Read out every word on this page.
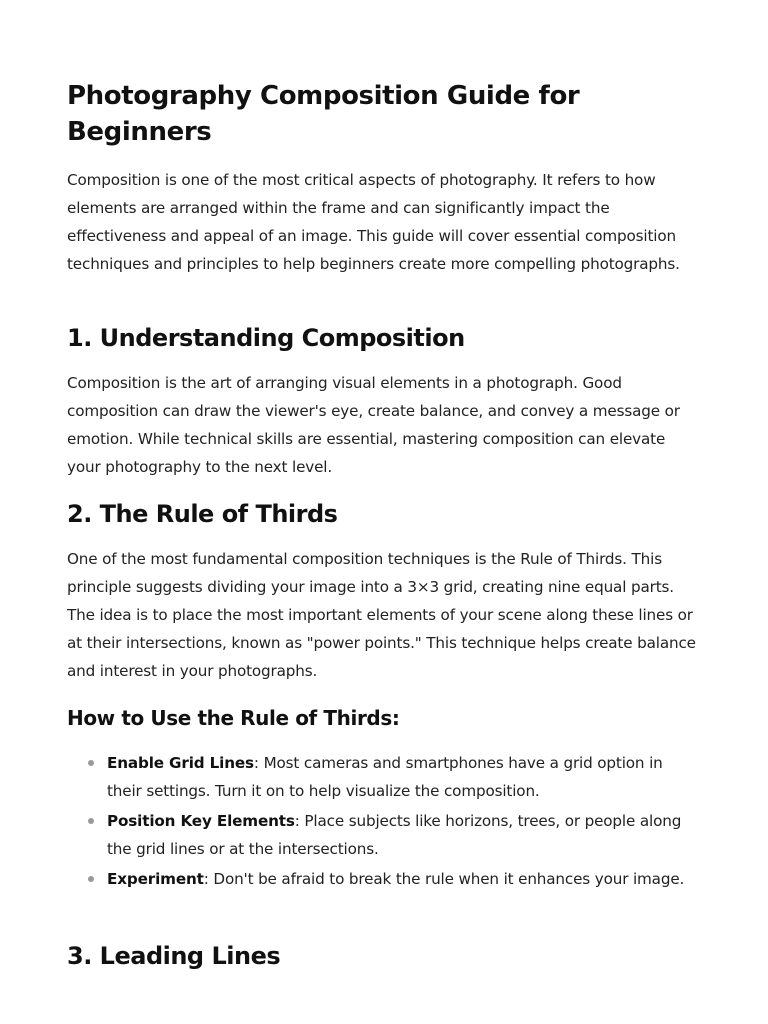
Photography Composition Guide for Beginners

Composition is one of the most critical aspects of photography. It refers to how elements are arranged within the frame and can significantly impact the effectiveness and appeal of an image. This guide will cover essential composition techniques and principles to help beginners create more compelling photographs.

1. Understanding Composition

Composition is the art of arranging visual elements in a photograph. Good composition can draw the viewer's eye, create balance, and convey a message or emotion. While technical skills are essential, mastering composition can elevate your photography to the next level.

2. The Rule of Thirds

One of the most fundamental composition techniques is the Rule of Thirds. This principle suggests dividing your image into a 3×3 grid, creating nine equal parts. The idea is to place the most important elements of your scene along these lines or at their intersections, known as "power points." This technique helps create balance and interest in your photographs.

How to Use the Rule of Thirds:
Enable Grid Lines: Most cameras and smartphones have a grid option in their settings. Turn it on to help visualize the composition.
Position Key Elements: Place subjects like horizons, trees, or people along the grid lines or at the intersections.
Experiment: Don't be afraid to break the rule when it enhances your image.
3. Leading Lines
